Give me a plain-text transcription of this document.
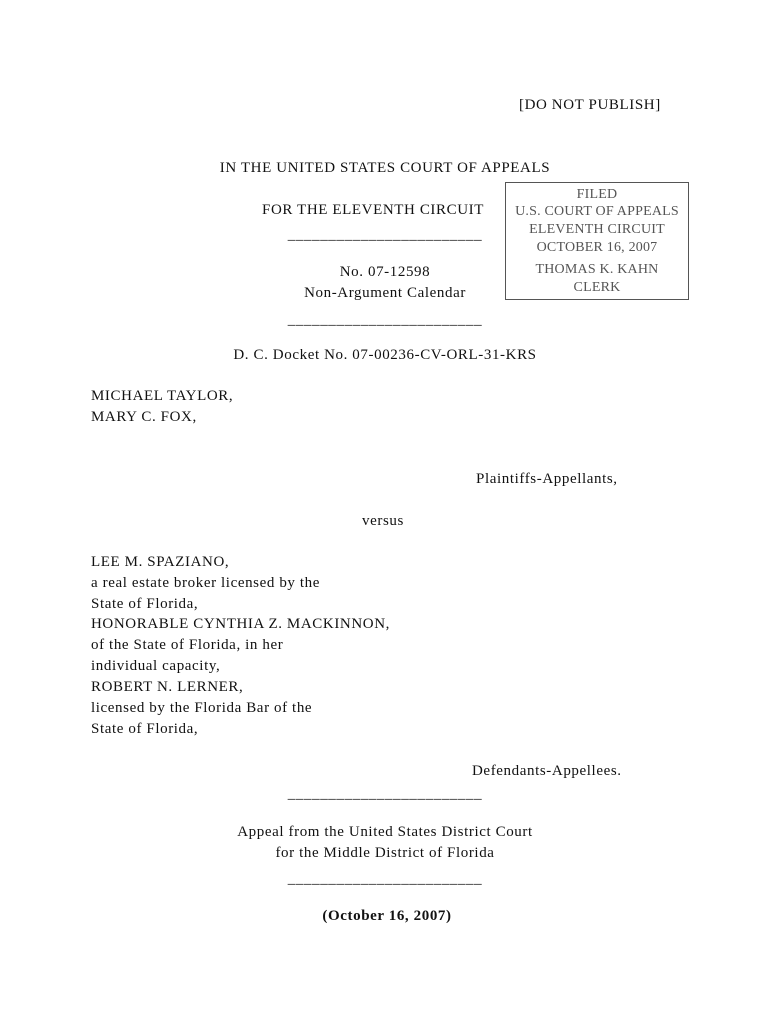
[DO NOT PUBLISH]
IN THE UNITED STATES COURT OF APPEALS
FOR THE ELEVENTH CIRCUIT
________________________
No. 07-12598
Non-Argument Calendar
________________________
D. C. Docket No. 07-00236-CV-ORL-31-KRS
FILED
U.S. COURT OF APPEALS
ELEVENTH CIRCUIT
OCTOBER 16, 2007
THOMAS K. KAHN
CLERK
MICHAEL TAYLOR,
MARY C. FOX,
Plaintiffs-Appellants,
versus
LEE M. SPAZIANO,
a real estate broker licensed by the
State of Florida,
HONORABLE CYNTHIA Z. MACKINNON,
of the State of Florida, in her
individual capacity,
ROBERT N. LERNER,
licensed by the Florida Bar of the
State of Florida,
Defendants-Appellees.
________________________
Appeal from the United States District Court
for the Middle District of Florida
________________________
(October 16, 2007)
